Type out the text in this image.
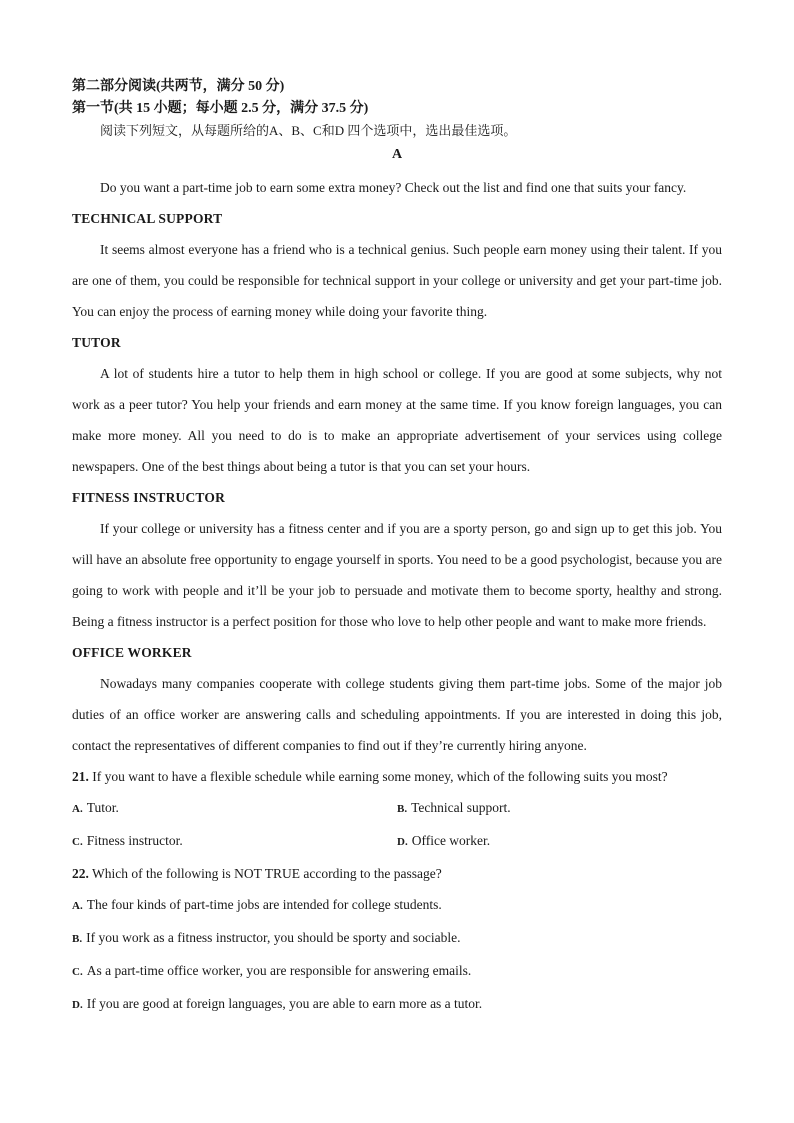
第二部分阅读(共两节，满分 50 分)
第一节(共 15 小题；每小题 2.5 分，满分 37.5 分)
阅读下列短文，从每题所给的A、B、C和D 四个选项中，选出最佳选项。
A
Do you want a part-time job to earn some extra money? Check out the list and find one that suits your fancy.
TECHNICAL SUPPORT

It seems almost everyone has a friend who is a technical genius. Such people earn money using their talent. If you are one of them, you could be responsible for technical support in your college or university and get your part-time job. You can enjoy the process of earning money while doing your favorite thing.

TUTOR

A lot of students hire a tutor to help them in high school or college. If you are good at some subjects, why not work as a peer tutor? You help your friends and earn money at the same time. If you know foreign languages, you can make more money. All you need to do is to make an appropriate advertisement of your services using college newspapers. One of the best things about being a tutor is that you can set your hours.

FITNESS INSTRUCTOR

If your college or university has a fitness center and if you are a sporty person, go and sign up to get this job. You will have an absolute free opportunity to engage yourself in sports. You need to be a good psychologist, because you are going to work with people and it’ll be your job to persuade and motivate them to become sporty, healthy and strong. Being a fitness instructor is a perfect position for those who love to help other people and want to make more friends.

OFFICE WORKER

Nowadays many companies cooperate with college students giving them part-time jobs. Some of the major job duties of an office worker are answering calls and scheduling appointments. If you are interested in doing this job, contact the representatives of different companies to find out if they’re currently hiring anyone.

21. If you want to have a flexible schedule while earning some money, which of the following suits you most?

A. Tutor.	B. Technical support.
C. Fitness instructor.	D. Office worker.

22. Which of the following is NOT TRUE according to the passage?

A. The four kinds of part-time jobs are intended for college students.
B. If you work as a fitness instructor, you should be sporty and sociable.
C. As a part-time office worker, you are responsible for answering emails.
D. If you are good at foreign languages, you are able to earn more as a tutor.
